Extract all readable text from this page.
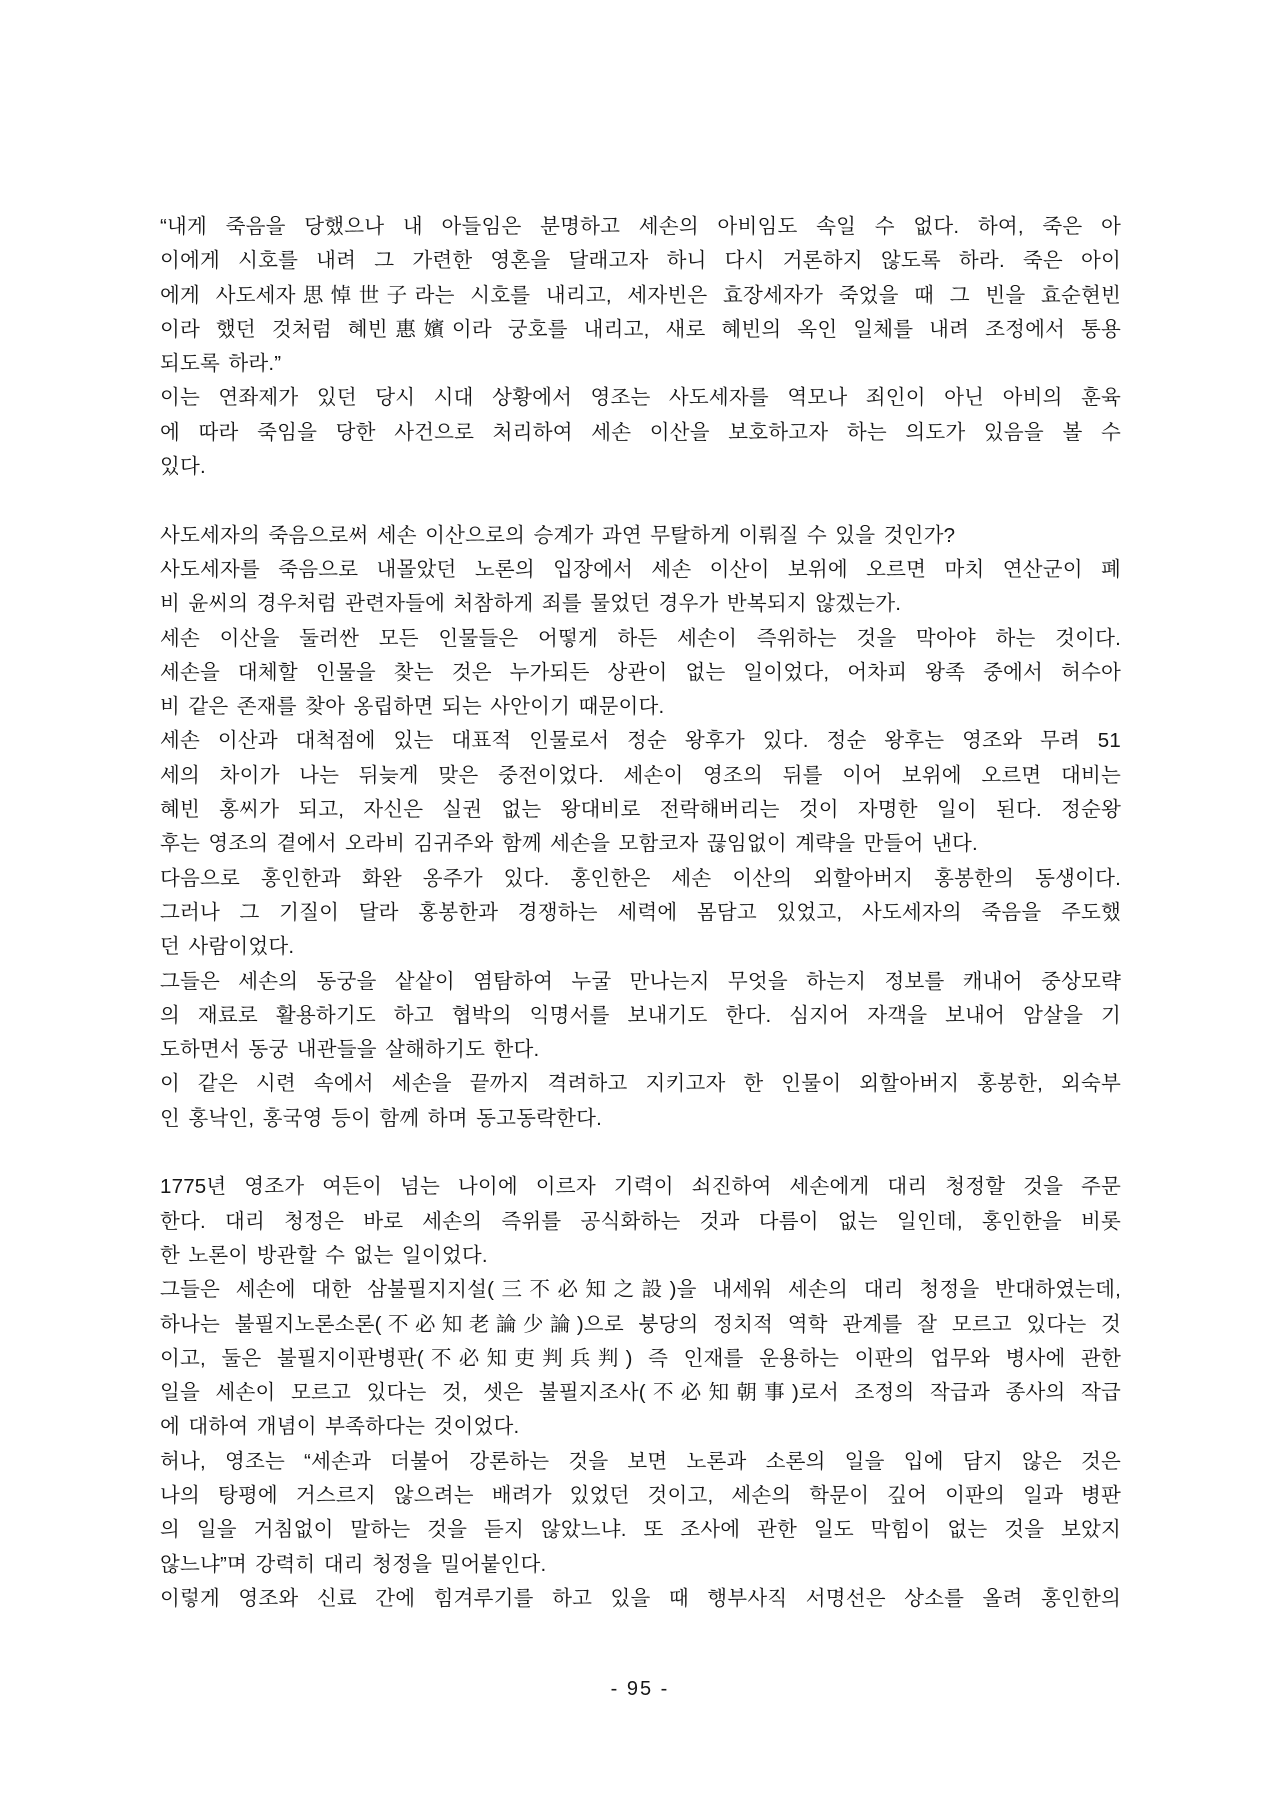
“내게 죽음을 당했으나 내 아들임은 분명하고 세손의 아비임도 속일 수 없다. 하여, 죽은 아
이에게 시호를 내려 그 가련한 영혼을 달래고자 하니 다시 거론하지 않도록 하라. 죽은 아이
에게 사도세자思悼世子라는 시호를 내리고, 세자빈은 효장세자가 죽었을 때 그 빈을 효순현빈
이라 했던 것처럼 혜빈惠嬪이라 궁호를 내리고, 새로 혜빈의 옥인 일체를 내려 조정에서 통용
되도록 하라.”
이는 연좌제가 있던 당시 시대 상황에서 영조는 사도세자를 역모나 죄인이 아닌 아비의 훈육
에 따라 죽임을 당한 사건으로 처리하여 세손 이산을 보호하고자 하는 의도가 있음을 볼 수
있다.
사도세자의 죽음으로써 세손 이산으로의 승계가 과연 무탈하게 이뤄질 수 있을 것인가?
사도세자를 죽음으로 내몰았던 노론의 입장에서 세손 이산이 보위에 오르면 마치 연산군이 폐
비 윤씨의 경우처럼 관련자들에 처참하게 죄를 물었던 경우가 반복되지 않겠는가.
세손 이산을 둘러싼 모든 인물들은 어떻게 하든 세손이 즉위하는 것을 막아야 하는 것이다.
세손을 대체할 인물을 찾는 것은 누가되든 상관이 없는 일이었다, 어차피 왕족 중에서 허수아
비 같은 존재를 찾아 옹립하면 되는 사안이기 때문이다.
세손 이산과 대척점에 있는 대표적 인물로서 정순 왕후가 있다. 정순 왕후는 영조와 무려 51
세의 차이가 나는 뒤늦게 맞은 중전이었다. 세손이 영조의 뒤를 이어 보위에 오르면 대비는
혜빈 홍씨가 되고, 자신은 실권 없는 왕대비로 전락해버리는 것이 자명한 일이 된다. 정순왕
후는 영조의 곁에서 오라비 김귀주와 함께 세손을 모함코자 끊임없이 계략을 만들어 낸다.
다음으로 홍인한과 화완 옹주가 있다. 홍인한은 세손 이산의 외할아버지 홍봉한의 동생이다.
그러나 그 기질이 달라 홍봉한과 경쟁하는 세력에 몸담고 있었고, 사도세자의 죽음을 주도했
던 사람이었다.
그들은 세손의 동궁을 샅샅이 염탐하여 누굴 만나는지 무엇을 하는지 정보를 캐내어 중상모략
의 재료로 활용하기도 하고 협박의 익명서를 보내기도 한다. 심지어 자객을 보내어 암살을 기
도하면서 동궁 내관들을 살해하기도 한다.
이 같은 시련 속에서 세손을 끝까지 격려하고 지키고자 한 인물이 외할아버지 홍봉한, 외숙부
인 홍낙인, 홍국영 등이 함께 하며 동고동락한다.
1775년 영조가 여든이 넘는 나이에 이르자 기력이 쇠진하여 세손에게 대리 청정할 것을 주문
한다. 대리 청정은 바로 세손의 즉위를 공식화하는 것과 다름이 없는 일인데, 홍인한을 비롯
한 노론이 방관할 수 없는 일이었다.
그들은 세손에 대한 삼불필지지설(三不必知之設)을 내세워 세손의 대리 청정을 반대하였는데,
하나는 불필지노론소론(不必知老論少論)으로 붕당의 정치적 역학 관계를 잘 모르고 있다는 것
이고, 둘은 불필지이판병판(不必知吏判兵判) 즉 인재를 운용하는 이판의 업무와 병사에 관한
일을 세손이 모르고 있다는 것, 셋은 불필지조사(不必知朝事)로서 조정의 작급과 종사의 작급
에 대하여 개념이 부족하다는 것이었다.
허나, 영조는 “세손과 더불어 강론하는 것을 보면 노론과 소론의 일을 입에 담지 않은 것은
나의 탕평에 거스르지 않으려는 배려가 있었던 것이고, 세손의 학문이 깊어 이판의 일과 병판
의 일을 거침없이 말하는 것을 듣지 않았느냐. 또 조사에 관한 일도 막힘이 없는 것을 보았지
않느냐”며 강력히 대리 청정을 밀어붙인다.
이렇게 영조와 신료 간에 힘겨루기를 하고 있을 때 행부사직 서명선은 상소를 올려 홍인한의
- 95 -
